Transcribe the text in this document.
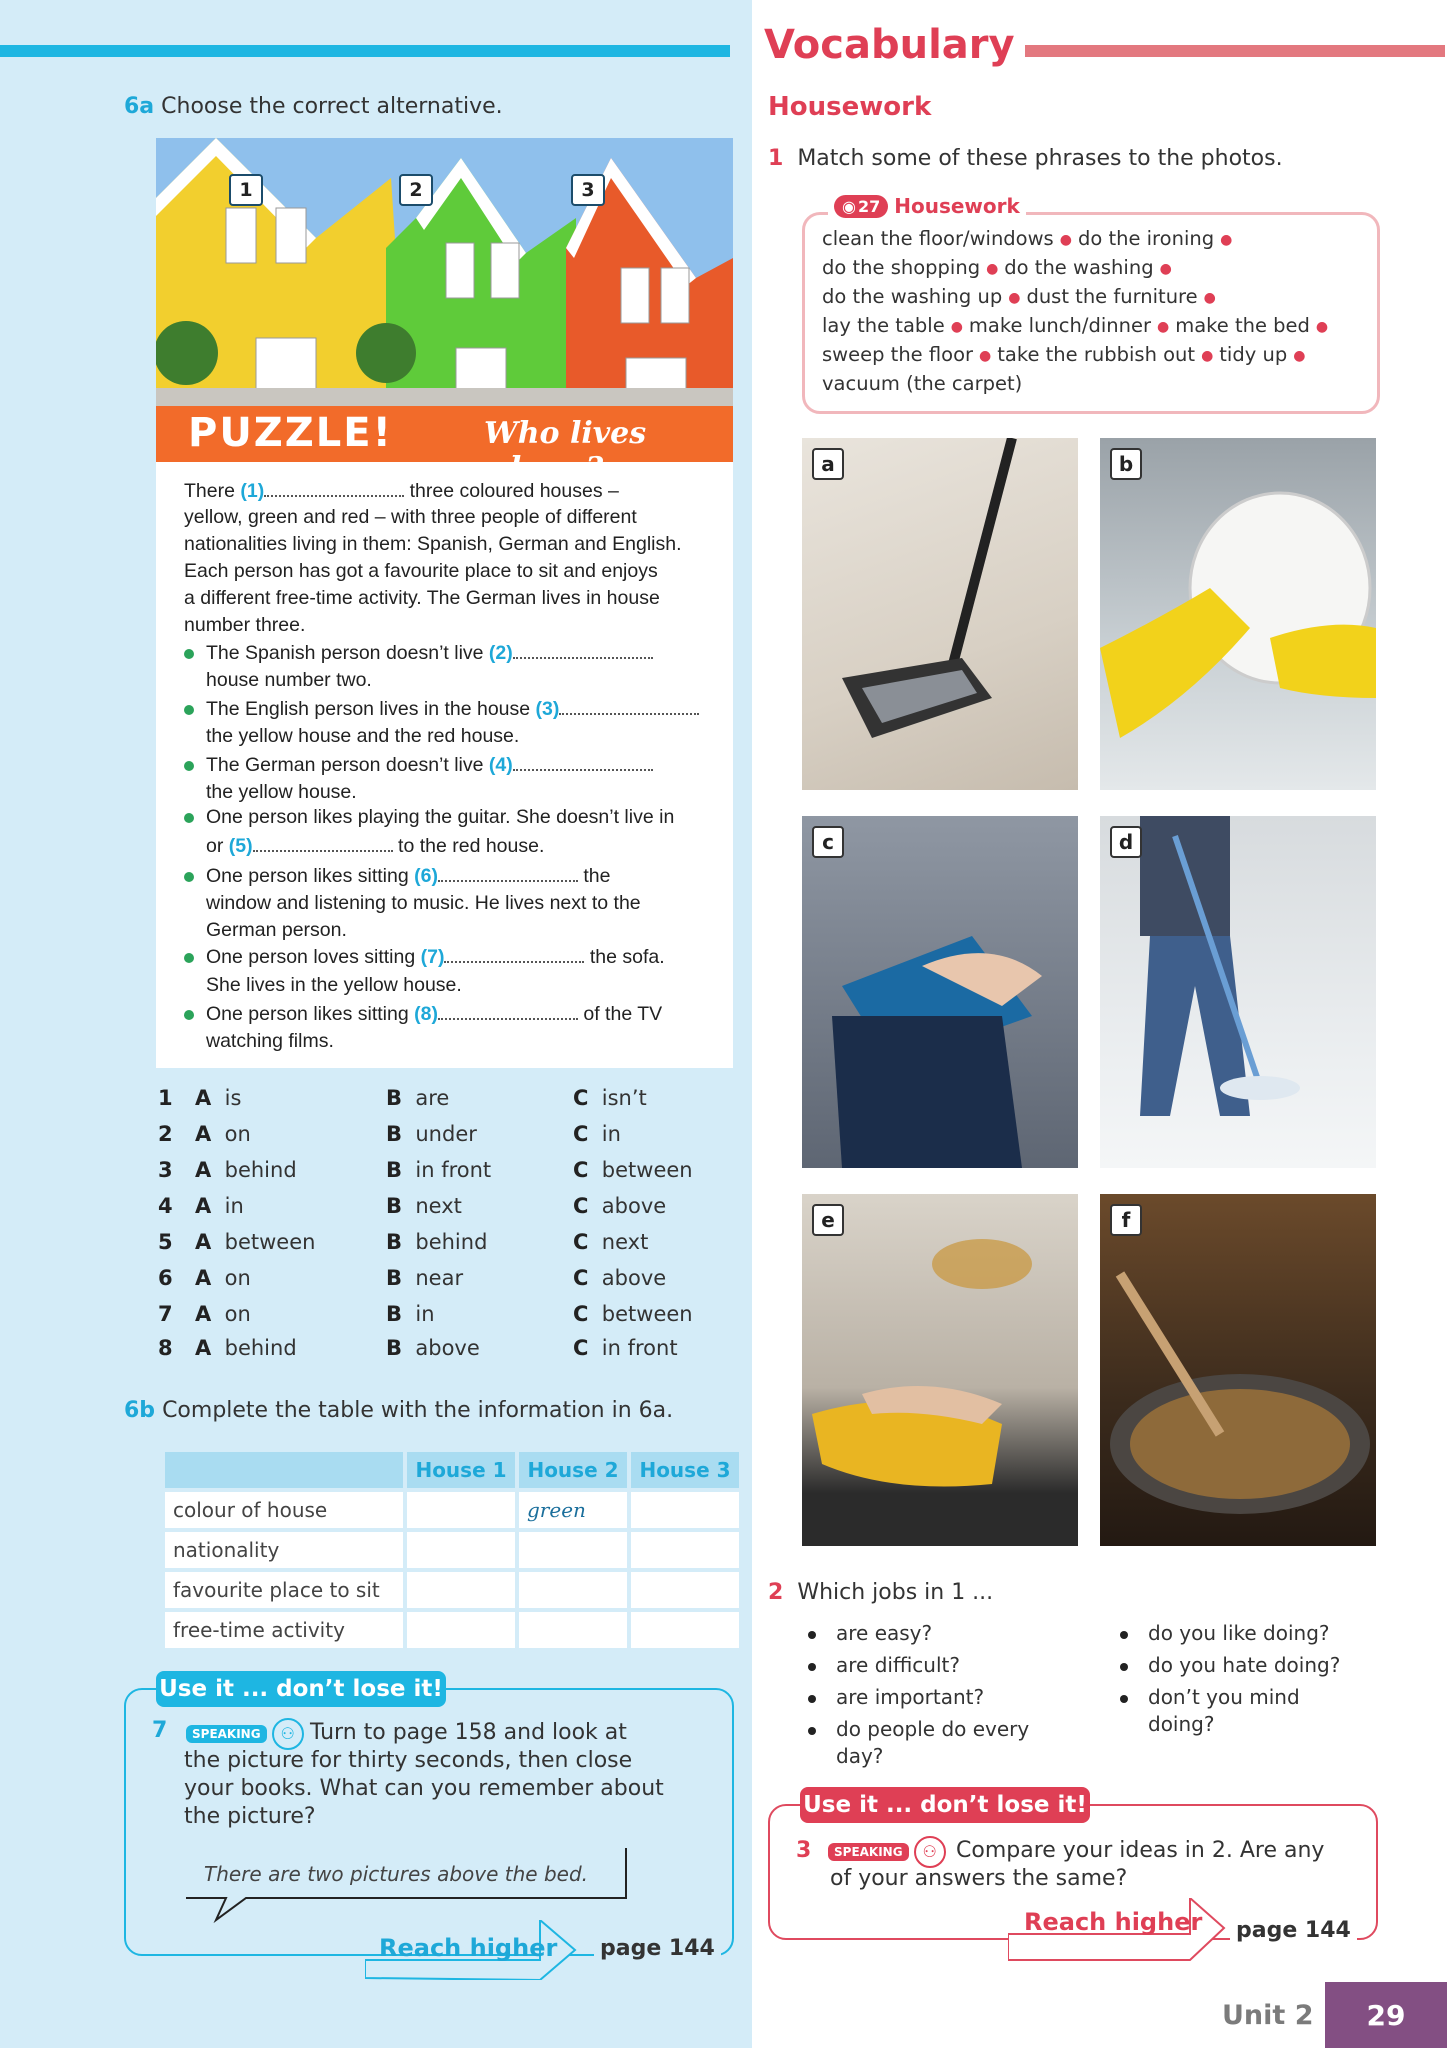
6a Choose the correct alternative.
1	2	3
PUZZLE!	Who lives
There (1)	three coloured houses –
yellow, green and red – with three people of different
nationalities living in them: Spanish, German and English.
Each person has got a favourite place to sit and enjoys
a different free-time activity. The German lives in house
number three.
The Spanish person doesn’t live (2)
house number two.
The English person lives in the house (3)
the yellow house and the red house.
The German person doesn’t live (4)
the yellow house.
One person likes playing the guitar. She doesn’t live in
or (5)	to the red house.
One person likes sitting (6)	the
window and listening to music. He lives next to the
German person.
One person loves sitting (7)	the sofa.
She lives in the yellow house.
One person likes sitting (8)	of the TV
watching films.
1 A is	B are	C isn’t
2 A on	B under	C in
3 A behind	B in front	C between
4 A in	B next	C above
5 A between	B behind	C next
6 A on	B near	C above
7 A on	B in	C between
8 A behind	B above	C in front
6b Complete the table with the information in 6a.
	House 1	House 2	House 3
colour of house		green	
nationality			
favourite place to sit			
free-time activity			
Use it ... don’t lose it!
7	SPEAKING ⚇ Turn to page 158 and look at
the picture for thirty seconds, then close
your books. What can you remember about
the picture?
There are two pictures above the bed.
Reach higher page 144
Vocabulary
Housework
1 Match some of these phrases to the photos.
◉ 27 Housework
clean the floor/windows ● do the ironing ●
do the shopping ● do the washing ●
do the washing up ● dust the furniture ●
lay the table ● make lunch/dinner ● make the bed ●
sweep the floor ● take the rubbish out ● tidy up ●
vacuum (the carpet)
a	b
c	d
e	f
2 Which jobs in 1 ...
are easy?
are difficult?
are important?
do people do every
day?
do you like doing?
do you hate doing?
don’t you mind
doing?
Use it ... don’t lose it!
3	SPEAKING ⚇ Compare your ideas in 2. Are any
of your answers the same?
Reach higher page 144
Unit 2	29
